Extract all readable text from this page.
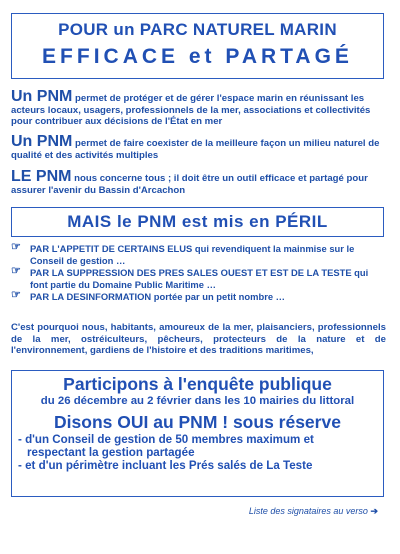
POUR un PARC NATUREL MARIN
EFFICACE et PARTAGÉ
Un PNM permet de protéger et de gérer l'espace marin en réunissant les acteurs locaux, usagers, professionnels de la mer, associations et collectivités pour contribuer aux décisions de l'État en mer
Un PNM permet de faire coexister de la meilleure façon un milieu naturel de qualité et des activités multiples
LE PNM nous concerne tous ; il doit être un outil efficace et partagé pour assurer l'avenir du Bassin d'Arcachon
MAIS le PNM est mis en PÉRIL
☞ PAR L'APPETIT DE CERTAINS ELUS qui revendiquent la mainmise sur le Conseil de gestion …
☞ PAR LA SUPPRESSION DES PRES SALES OUEST ET EST DE LA TESTE qui font partie du Domaine Public Maritime …
☞ PAR LA DESINFORMATION portée par un petit nombre …
C'est pourquoi nous, habitants, amoureux de la mer, plaisanciers, professionnels de la mer, ostréiculteurs, pêcheurs, protecteurs de la nature et de l'environnement, gardiens de l'histoire et des traditions maritimes,
Participons à l'enquête publique
du 26 décembre au 2 février dans les 10 mairies du littoral
Disons OUI au PNM ! sous réserve
- d'un Conseil de gestion de 50 membres maximum et
respectant la gestion partagée
- et d'un périmètre incluant les Prés salés de La Teste
Liste des signataires au verso ➔
